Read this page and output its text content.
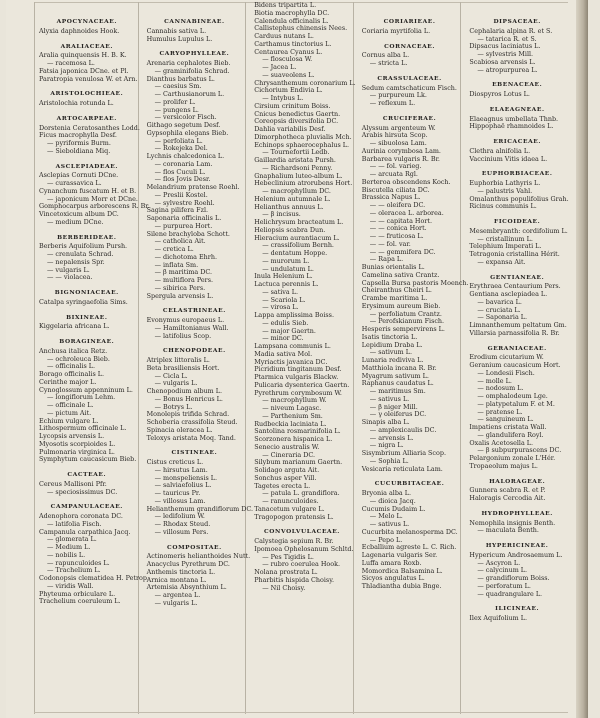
APOCYNACEAE.
Alyxia daphnoides Hook.
ARALIACEAE.
Aralia quinquensis H. B. K.
— racemosa L.
Fatsia japonica DCne. et Pl.
Paratropia venulosa W. et Arn.
ARISTOLOCHIEAE.
Aristolochia rotunda L.
ARTOCARPEAE.
Dorstenia Ceratosanthes Lodd.
Ficus macrophylla Desf.
— pyriformis Burm.
— Sieboldiana Miq.
ASCLEPIADEAE.
Asclepias Cornuti DCne.
— curassavica L.
Cynanchum fuscatum H. et B.
— japonicum Morr et DCne.
Gomphocarpus arborescens R. Br.
Vincetoxicum album DC.
— medium DCne.
BERBERIDEAE.
Berberis Aquifolium Pursh.
— crenulata Schrad.
— nepalensis Spr.
— vulgaris L.
— — violacea.
BIGNONIACEAE.
Catalpa syringaefolia Sims.
BIXINEAE.
Kiggelaria africana L.
BORAGINEAE.
Anchusa italica Retz.
— ochroleuca Bieb.
— officinalis L.
Borago officinalis L.
Cerinthe major L.
Cynoglossum appenninum L.
— longiflorum Lehm.
— officinale L.
— pictum Ait.
Echium vulgare L.
Lithospermum officinale L.
Lycopsis arvensis L.
Myosotis scorpioides L.
Pulmonaria virginica L.
Symphytum caucasicum Bieb.
CACTEAE.
Cereus Mallisoni Pfr.
— speciosissimus DC.
CAMPANULACEAE.
Adenophora coronata DC.
— latifolia Fisch.
Campanula carpathica Jacq.
— glomerata L.
— Medium L.
— nobilis L.
— rapunculoides L.
— Trachelium L.
Codonopsis clematidea H. Petrop.
— viridis Wall.
Phyteuma orbiculare L.
Trachelium coeruleum L.
CANNABINEAE.
Cannabis sativa L.
Humulus Lupulus L.
CARYOPHYLLEAE.
Arenaria cephalotes Bieb.
— graminifolia Schrad.
Dianthus barbatus L.
— caesius Sm.
— Carthusianorum L.
— prolifer L.
— pungens L.
— versicolor Fisch.
Githago segetum Desf.
Gypsophila elegans Bieb.
— perfoliata L.
— Rokejeka Del.
Lychnis chalcedonica L.
— coronaria Lam.
— flos Cuculi L.
— flos Jovis Desr.
Melandrium pratense Roehl.
— Preslii Kostel.
— sylvestre Roehl.
Sagina pilifera Fzl.
Saponaria officinalis L.
— purpurea Hort.
Silene brachyloba Schott.
— catholica Ait.
— cretica L.
— dichotoma Ehrh.
— inflata Sm.
— β maritima DC.
— multiflora Pers.
— sibirica Pers.
Spergula arvensis L.
CELASTRINEAE.
Evonymus europaeus L.
— Hamiltonianus Wall.
— latifolius Scop.
CHENOPODEAE.
Atriplex littoralis L.
Beta brasiliensis Hort.
— Cicla L.
— vulgaris L.
Chenopodium album L.
— Bonus Henricus L.
— Botrys L.
Monolepis trifida Schrad.
Schoberia crassifolia Steud.
Spinacia oleracea L.
Teloxys aristata Moq. Tand.
CISTINEAE.
Cistus creticus L.
— hirsutus Lam.
— monspeliensis L.
— salviaefolius L.
— tauricus Pr.
— villosus Lam.
Helianthemum grandiflorum DC.
— ledifolium W.
— Rhodax Steud.
— villosum Pers.
COMPOSITAE.
Actinomeris helianthoides Nutt.
Anacyclus Pyrethrum DC.
Anthemis tinctoria L.
Arnica montana L.
Artemisia Absynthium L.
— argentea L.
— vulgaris L.
Bidens tripartita L.
Biotia macrophylla DC.
Calendula officinalis L.
Callistephus chinensis Nees.
Carduus nutans L.
Carthamus tinctorius L.
Centaurea Cyanus L.
— flosculosa W.
— Jacea L.
— suaveolens L.
Chrysanthemum coronarium L.
Cichorium Endivia L.
— Intybus L.
Cirsium crinitum Boiss.
Cnicus benedictus Gaertn.
Coreopsis diversifolia DC.
Dahlia variabilis Desf.
Dimorphotheca pluvialis Mch.
Echinops sphaerocephalus L.
— Tournefortii Ledb.
Gaillardia aristata Pursh.
— Richardsoni Penny.
Gnaphalium luteo-album L.
Hebeclinium atrorubens Hort.
— macrophyllum DC.
Helenium autumnale L.
Helianthus annuus L.
— β incisus.
Helichrysum bracteatum L.
Heliopsis scabra Dun.
Hieracium aurantiacum L.
— crassifolium Bernh.
— dentatum Hoppe.
— murorum L.
— undulatum L.
Inula Helenium L.
Lactuca perennis L.
— sativa L.
— Scariola L.
— virosa L.
Lappa amplissima Boiss.
— edulis Sieb.
— major Gaertn.
— minor DC.
Lampsana communis L.
Madia sativa Mol.
Myriactis javanica DC.
Picridium tingitanum Desf.
Ptarmica vulgaris Blackw.
Pulicaria dysenterica Gaertn.
Pyrethrum corymbosum W.
— macrophyllum W.
— niveum Lagasc.
— Parthenium Sm.
Rudbeckia laciniata L.
Santolina rosmarinifolia L.
Scorzonera hispanica L.
Senecio australis W.
— Cineraria DC.
Silybum marianum Gaertn.
Solidago arguta Ait.
Sonchus asper Vill.
Tagetes erecta L.
— patula L. grandiflora.
— ranunculoides.
Tanacetum vulgare L.
Tragopogon pratensis L.
CONVOLVULACEAE.
Calystegia sepium R. Br.
Ipomoea Ophelosanum Schltd.
— Pes Tigidis L.
— rubro coerulea Hook.
Nolana prostrata L.
Pharbitis hispida Choisy.
— Nil Choisy.
CORIARIEAE.
Coriaria myrtifolia L.
CORNACEAE.
Cornus alba L.
— stricta L.
CRASSULACEAE.
Sedum camtschaticum Fisch.
— purpureum Lk.
— reflexum L.
CRUCIFERAE.
Alyssum argenteum W.
Arabis hirsuta Scop.
— sibuolosa Lam.
Aurinia corymbosa Lam.
Barbarea vulgaris R. Br.
— — fol. varieg.
— arcuata Rgl.
Berteroa obscendens Koch.
Biscutella ciliata DC.
Brassica Napus L.
— — oleifera DC.
— oleracea L. arborea.
— — capitata Hort.
— — conica Hort.
— — fruticosa L.
— — fol. var.
— — gemmifera DC.
— Rapa L.
Bunias orientalis L.
Camelina sativa Crantz.
Capsella Bursa pastoris Moench.
Cheiranthus Cheiri L.
Crambe maritima L.
Erysimum aureum Bieb.
— perfoliatum Crantz.
— Perofskianum Fisch.
Hesperis sempervirens L.
Isatis tinctoria L.
Lepidium Draba L.
— sativum L.
Lunaria rediviva L.
Matthiola incana R. Br.
Myagrum sativum L.
Raphanus caudatus L.
— maritimus Sm.
— sativus L.
— β niger Mill.
— γ oleiferus DC.
Sinapis alba L.
— amplexicaulis DC.
— arvensis L.
— nigra L.
Sisymbrium Alliaria Scop.
— Sophia L.
Vesicaria reticulata Lam.
CUCURBITACEAE.
Bryonia alba L.
— dioica Jacq.
Cucumis Dudaim L.
— Melo L.
— sativus L.
Cucurbita melanosperma DC.
— Pepo L.
Ecballium agreste L. C. Rich.
Lagenaria vulgaris Ser.
Luffa amara Roxb.
Momordica Balsamina L.
Sicyos angulatus L.
Thladiantha dubia Bnge.
DIPSACEAE.
Cephalaria alpina R. et S.
— tatarica R. et S.
Dipsacus laciniatus L.
— sylvestris Mill.
Scabiosa arvensis L.
— atropurpurea L.
EBENACEAE.
Diospyros Lotus L.
ELAEAGNEAE.
Elaeagnus umbellata Thnb.
Hippophaë rhamnoides L.
ERICACEAE.
Clethra alnifolia L.
Vaccinium Vitis idaea L.
EUPHORBIACEAE.
Euphorbia Lathyris L.
— palustris Vahl.
Omalanthus populifolius Grah.
Ricinus communis L.
FICOIDEAE.
Mesembryanth: cordifolium L.
— cristallinum L.
Telephium Imperati L.
Tetragonia cristallina Hérit.
— expansa Ait.
GENTIANEAE.
Erythraea Centaurium Pers.
Gentiana asclepiadea L.
— bavarica L.
— cruciata L.
— Saponaria L.
Limnanthemum peltatum Gm.
Villarsia parnassifolia R. Br.
GERANIACEAE.
Erodium cicutarium W.
Geranium caucasicum Hort.
— Londesii Fisch.
— molle L.
— nodosum L.
— omphalodeum Lge.
— platypetalum F. et M.
— pratense L.
— sanguineum L.
Impatiens cristata Wall.
— glandulifera Royl.
Oxalis Acetosella L.
— β subpurpurascens DC.
Pelargonium zonale L'Hér.
Tropaeolum majus L.
HALORAGEAE.
Gunnera scabra R. et P.
Haloragis Cercodia Ait.
HYDROPHYLLEAE.
Nemophila insignis Benth.
— maculata Benth.
HYPERICINEAE.
Hypericum Androsaemum L.
— Ascyron L.
— calycinum L.
— grandiflorum Boiss.
— perforatum L.
— quadrangulare L.
ILICINEAE.
Ilex Aquifolium L.
